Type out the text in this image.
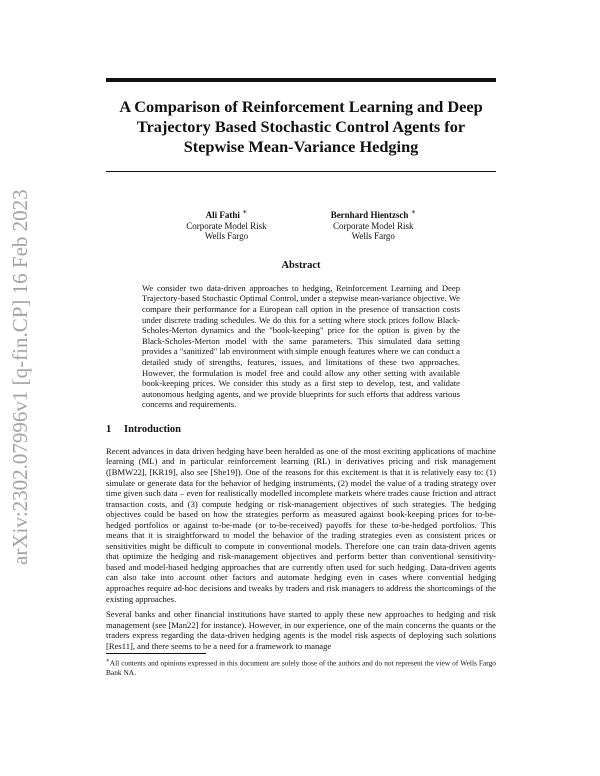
arXiv:2302.07996v1 [q-fin.CP] 16 Feb 2023
A Comparison of Reinforcement Learning and Deep Trajectory Based Stochastic Control Agents for Stepwise Mean-Variance Hedging
Ali Fathi ∗
Corporate Model Risk
Wells Fargo
Bernhard Hientzsch ∗
Corporate Model Risk
Wells Fargo
Abstract
We consider two data-driven approaches to hedging, Reinforcement Learning and Deep Trajectory-based Stochastic Optimal Control, under a stepwise mean-variance objective. We compare their performance for a European call option in the presence of transaction costs under discrete trading schedules. We do this for a setting where stock prices follow Black-Scholes-Merton dynamics and the "book-keeping" price for the option is given by the Black-Scholes-Merton model with the same parameters. This simulated data setting provides a "sanitized" lab environment with simple enough features where we can conduct a detailed study of strengths, features, issues, and limitations of these two approaches. However, the formulation is model free and could allow any other setting with available book-keeping prices. We consider this study as a first step to develop, test, and validate autonomous hedging agents, and we provide blueprints for such efforts that address various concerns and requirements.
1 Introduction
Recent advances in data driven hedging have been heralded as one of the most exciting applications of machine learning (ML) and in particular reinforcement learning (RL) in derivatives pricing and risk management ([BMW22], [KR19], also see [She19]). One of the reasons for this excitement is that it is relatively easy to: (1) simulate or generate data for the behavior of hedging instruments, (2) model the value of a trading strategy over time given such data – even for realistically modelled incomplete markets where trades cause friction and attract transaction costs, and (3) compute hedging or risk-management objectives of such strategies. The hedging objectives could be based on how the strategies perform as measured against book-keeping prices for to-be-hedged portfolios or against to-be-made (or to-be-received) payoffs for these to-be-hedged portfolios. This means that it is straightforward to model the behavior of the trading strategies even as consistent prices or sensitivities might be difficult to compute in conventional models. Therefore one can train data-driven agents that optimize the hedging and risk-management objectives and perform better than conventional sensitivity-based and model-based hedging approaches that are currently often used for such hedging. Data-driven agents can also take into account other factors and automate hedging even in cases where convential hedging approaches require ad-hoc decisions and tweaks by traders and risk managers to address the shortcomings of the existing approaches.
Several banks and other financial institutions have started to apply these new approaches to hedging and risk management (see [Man22] for instance). However, in our experience, one of the main concerns the quants or the traders express regarding the data-driven hedging agents is the model risk aspects of deploying such solutions [Res11], and there seems to be a need for a framework to manage
∗All contents and opinions expressed in this document are solely those of the authors and do not represent the view of Wells Fargo Bank NA.
